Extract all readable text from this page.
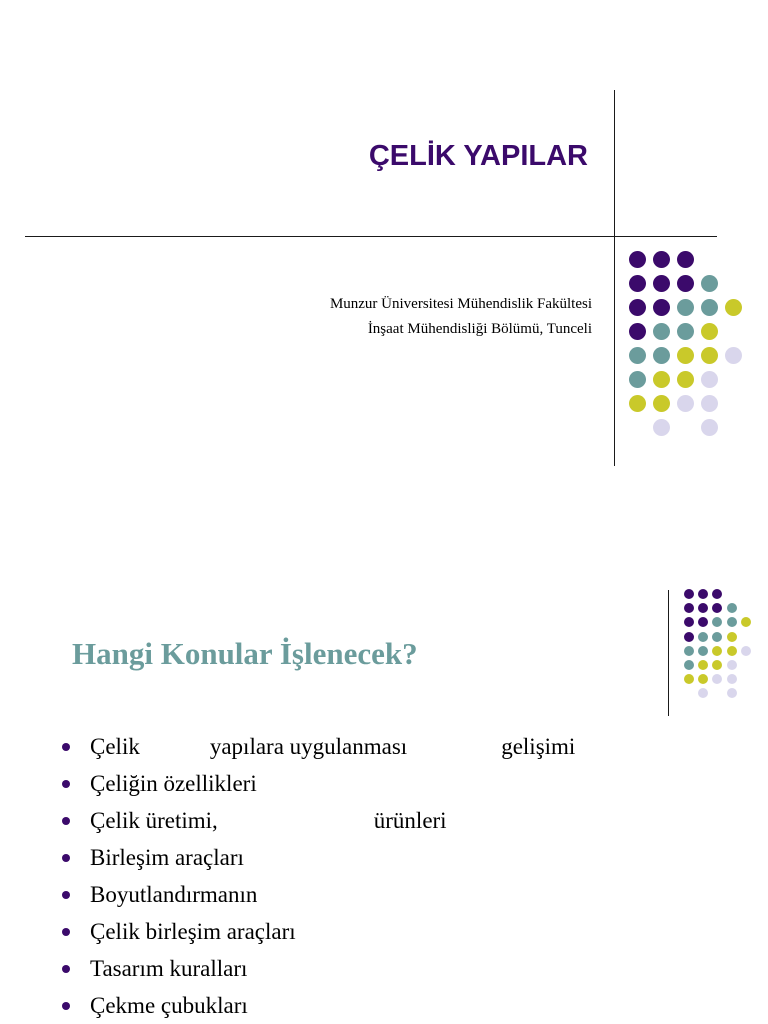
ÇELİK YAPILAR
Munzur Üniversitesi Mühendislik Fakültesi
İnşaat Mühendisliği Bölümü, Tunceli
Hangi Konular İşlenecek?
Çelik	yapılara uygulanması	gelişimi
Çeliğin özellikleri
Çelik üretimi,	ürünleri
Birleşim araçları
Boyutlandırmanın
Çelik birleşim araçları
Tasarım kuralları
Çekme çubukları
